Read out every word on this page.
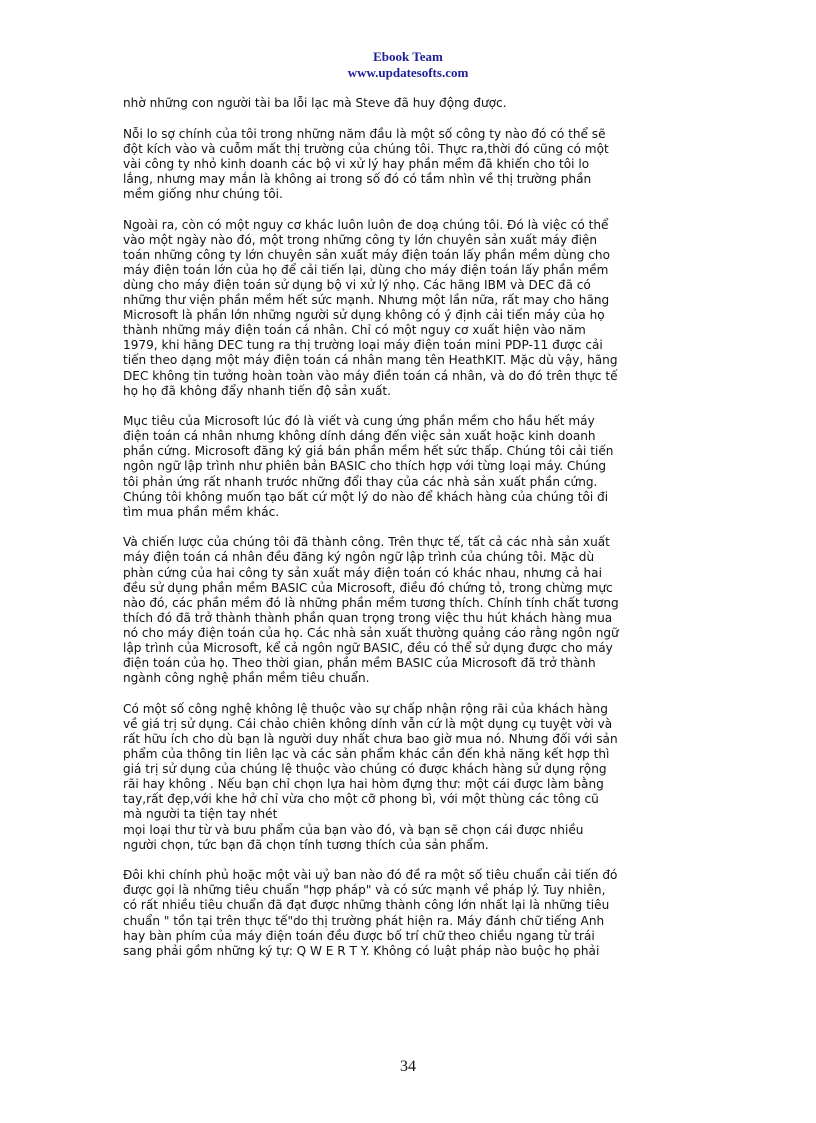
Ebook Team
www.updatesofts.com

nhờ những con người tài ba lỗi lạc mà Steve đã huy động được.

Nỗi lo sợ chính của tôi trong những năm đầu là một số công ty nào đó có thể sẽ
đột kích vào và cuỗm mất thị trường của chúng tôi. Thực ra,thời đó cũng có một
vài công ty nhỏ kinh doanh các bộ vi xử lý hay phần mềm đã khiến cho tôi lo
lắng, nhưng may mắn là không ai trong số đó có tầm nhìn về thị trường phần
mềm giống như chúng tôi.

Ngoài ra, còn có một nguy cơ khác luôn luôn đe doạ chúng tôi. Đó là việc có thể
vào một ngày nào đó, một trong những công ty lớn chuyên sản xuất máy điện
toán những công ty lớn chuyên sản xuất máy điện toán lấy phần mềm dùng cho
máy điện toán lớn của họ để cải tiến lại, dùng cho máy điện toán lấy phần mềm
dùng cho máy điện toán sử dụng bộ vi xử lý nhọ. Các hãng IBM và DEC đã có
những thư viện phần mềm hết sức mạnh. Nhưng một lần nữa, rất may cho hãng
Microsoft là phần lớn những người sử dụng không có ý định cải tiến máy của họ
thành những máy điện toán cá nhân. Chỉ có một nguy cơ xuất hiện vào năm
1979, khi hãng DEC tung ra thị trường loại máy điện toán mini PDP-11 được cải
tiến theo dạng một máy điện toán cá nhân mang tên HeathKIT. Mặc dù vậy, hãng
DEC không tin tưởng hoàn toàn vào máy điền toán cá nhân, và do đó trên thực tế
họ họ đã không đẩy nhanh tiến độ sản xuất.

Mục tiêu của Microsoft lúc đó là viết và cung ứng phần mềm cho hầu hết máy
điện toán cá nhân nhưng không dính dáng đến việc sản xuất hoặc kinh doanh
phần cứng. Microsoft đăng ký giá bán phần mềm hết sức thấp. Chúng tôi cải tiến
ngôn ngữ lập trình như phiên bản BASIC cho thích hợp với từng loại máy. Chúng
tôi phản ứng rất nhanh trước những đổi thay của các nhà sản xuất phần cứng.
Chúng tôi không muốn tạo bất cứ một lý do nào để khách hàng của chúng tôi đi
tìm mua phần mềm khác.

Và chiến lược của chúng tôi đã thành công. Trên thực tế, tất cả các nhà sản xuất
máy điện toán cá nhân đều đăng ký ngôn ngữ lập trình của chúng tôi. Mặc dù
phàn cứng của hai công ty sản xuất máy điện toán có khác nhau, nhưng cả hai
đều sử dụng phần mềm BASIC của Microsoft, điều đó chứng tỏ, trong chừng mực
nào đó, các phần mềm đó là những phần mềm tương thích. Chính tính chất tương
thích đó đã trở thành thành phần quan trọng trong việc thu hút khách hàng mua
nó cho máy điện toán của họ. Các nhà sản xuất thường quảng cáo rằng ngôn ngữ
lập trình của Microsoft, kể cả ngôn ngữ BASIC, đều có thể sử dụng được cho máy
điện toán của họ. Theo thời gian, phần mềm BASIC của Microsoft đã trở thành
ngành công nghệ phần mềm tiêu chuẩn.

Có một số công nghệ không lệ thuộc vào sự chấp nhận rộng rãi của khách hàng
về giá trị sử dụng. Cái chảo chiên không dính vẫn cứ là một dụng cụ tuyệt vời và
rất hữu ích cho dù bạn là người duy nhất chưa bao giờ mua nó. Nhưng đối với sản
phẩm của thông tin liên lạc và các sản phẩm khác cần đến khả năng kết hợp thì
giá trị sử dụng của chúng lệ thuộc vào chúng có được khách hàng sử dụng rộng
rãi hay không . Nếu bạn chỉ chọn lựa hai hòm đựng thư: một cái được làm bằng
tay,rất đẹp,với khe hở chỉ vừa cho một cỡ phong bì, với một thùng các tông cũ
mà người ta tiện tay nhét
mọi loại thư từ và bưu phẩm của bạn vào đó, và bạn sẽ chọn cái được nhiều
người chọn, tức bạn đã chọn tính tương thích của sản phẩm.

Đôi khi chính phủ hoặc một vài uỷ ban nào đó đề ra một số tiêu chuẩn cải tiến đó
được gọi là những tiêu chuẩn "hợp pháp" và có sức mạnh về pháp lý. Tuy nhiên,
có rất nhiều tiêu chuẩn đã đạt được những thành công lớn nhất lại là những tiêu
chuẩn " tồn tại trên thực tế"do thị trường phát hiện ra. Máy đánh chữ tiếng Anh
hay bàn phím của máy điện toán đều được bố trí chữ theo chiều ngang từ trái
sang phải gồm những ký tự: Q W E R T Y. Không có luật pháp nào buộc họ phải

34
